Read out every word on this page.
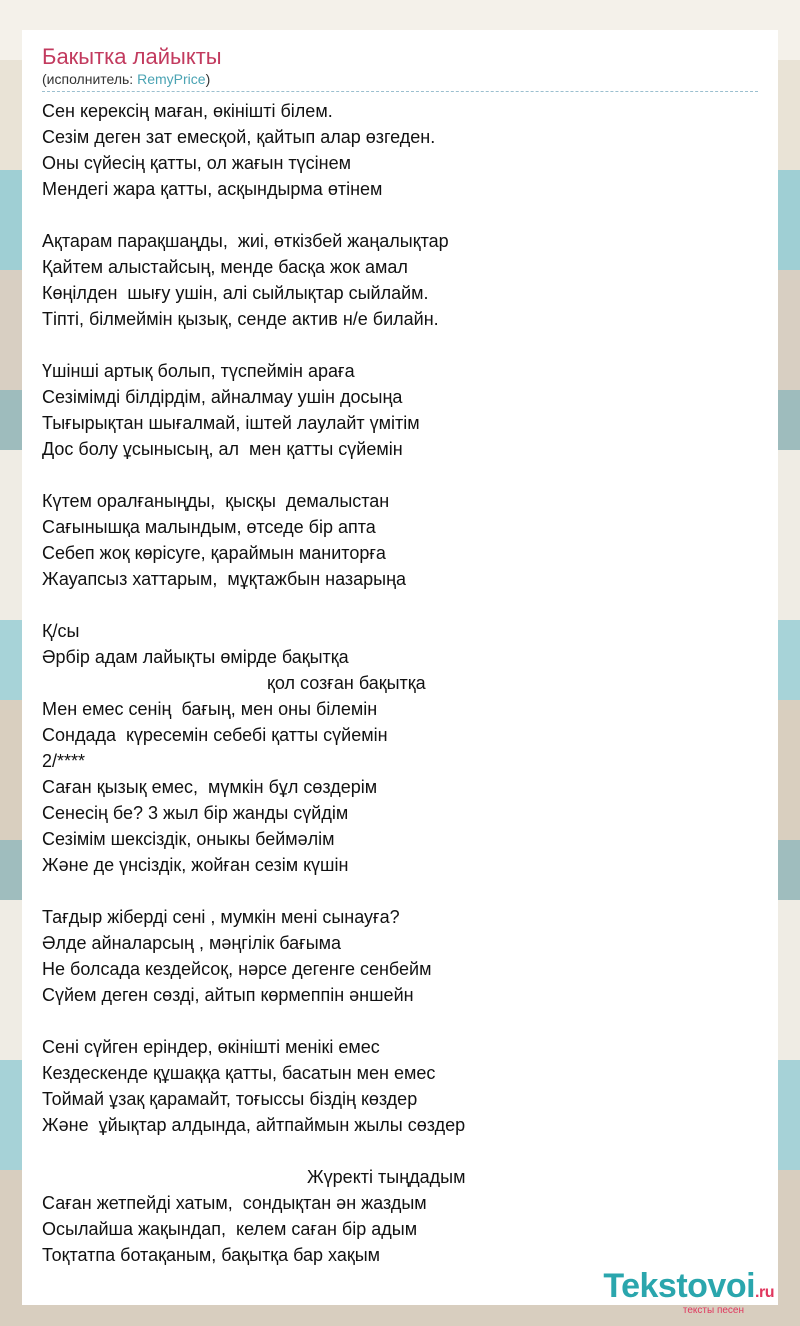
Бакытка лайыкты
(исполнитель: RemyPrice)
Сен керексің маған, өкінішті білем.
Сезім деген зат емесқой, қайтып алар өзгеден.
Оны сүйесің қатты, ол жағын түсінем
Мендегі жара қатты, асқындырма өтінем
Ақтарам парақшаңды,  жиі, өткізбей жаңалықтар
Қайтем алыстайсың, менде басқа жок амал
Көңілден  шығу ушін, алі сыйлықтар сыйлайм.
Тіпті, білмеймін қызық, сенде актив н/е билайн.
Үшінші артық болып, түспеймін араға
Сезімімді білдірдім, айналмау ушін досыңа
Тығырықтан шығалмай, іштей лаулайт үмітім
Дос болу ұсынысың, ал  мен қатты сүйемін
Күтем оралғаныңды,  қысқы  демалыстан
Сағынышқа малындым, өтседе бір апта
Себеп жоқ көрісуге, қараймын маниторға
Жауапсыз хаттарым,  мұқтажбын назарыңа
Қ/сы
Әрбір адам лайықты өмірде бақытқа
қол созған бақытқа
Мен емес сенің  бағың, мен оны білемін
Сондада  күресемін себебі қатты сүйемін
2/****
Саған қызық емес,  мүмкін бұл сөздерім
Сенесің бе? 3 жыл бір жанды сүйдім
Сезімім шексіздік, оныкы беймәлім
Және де үнсіздік, жойған сезім күшін
Тағдыр жіберді сені , мумкін мені сынауға?
Әлде айналарсың , мәңгілік бағыма
Не болсада кездейсоқ, нәрсе дегенге сенбейм
Сүйем деген сөзді, айтып көрмеппін әншейн
Сені сүйген еріндер, өкінішті менікі емес
Кездескенде құшаққа қатты, басатын мен емес
Тоймай ұзақ қарамайт, тоғыссы біздің көздер
Және  ұйықтар алдында, айтпаймын жылы сөздер
Жүректі тыңдадым
Саған жетпейді хатым,  сондықтан ән жаздым
Осылайша жақындап,  келем саған бір адым
Тоқтатпа ботақаным, бақытқа бар хақым
Tekstovoi.ru
тексты песен
